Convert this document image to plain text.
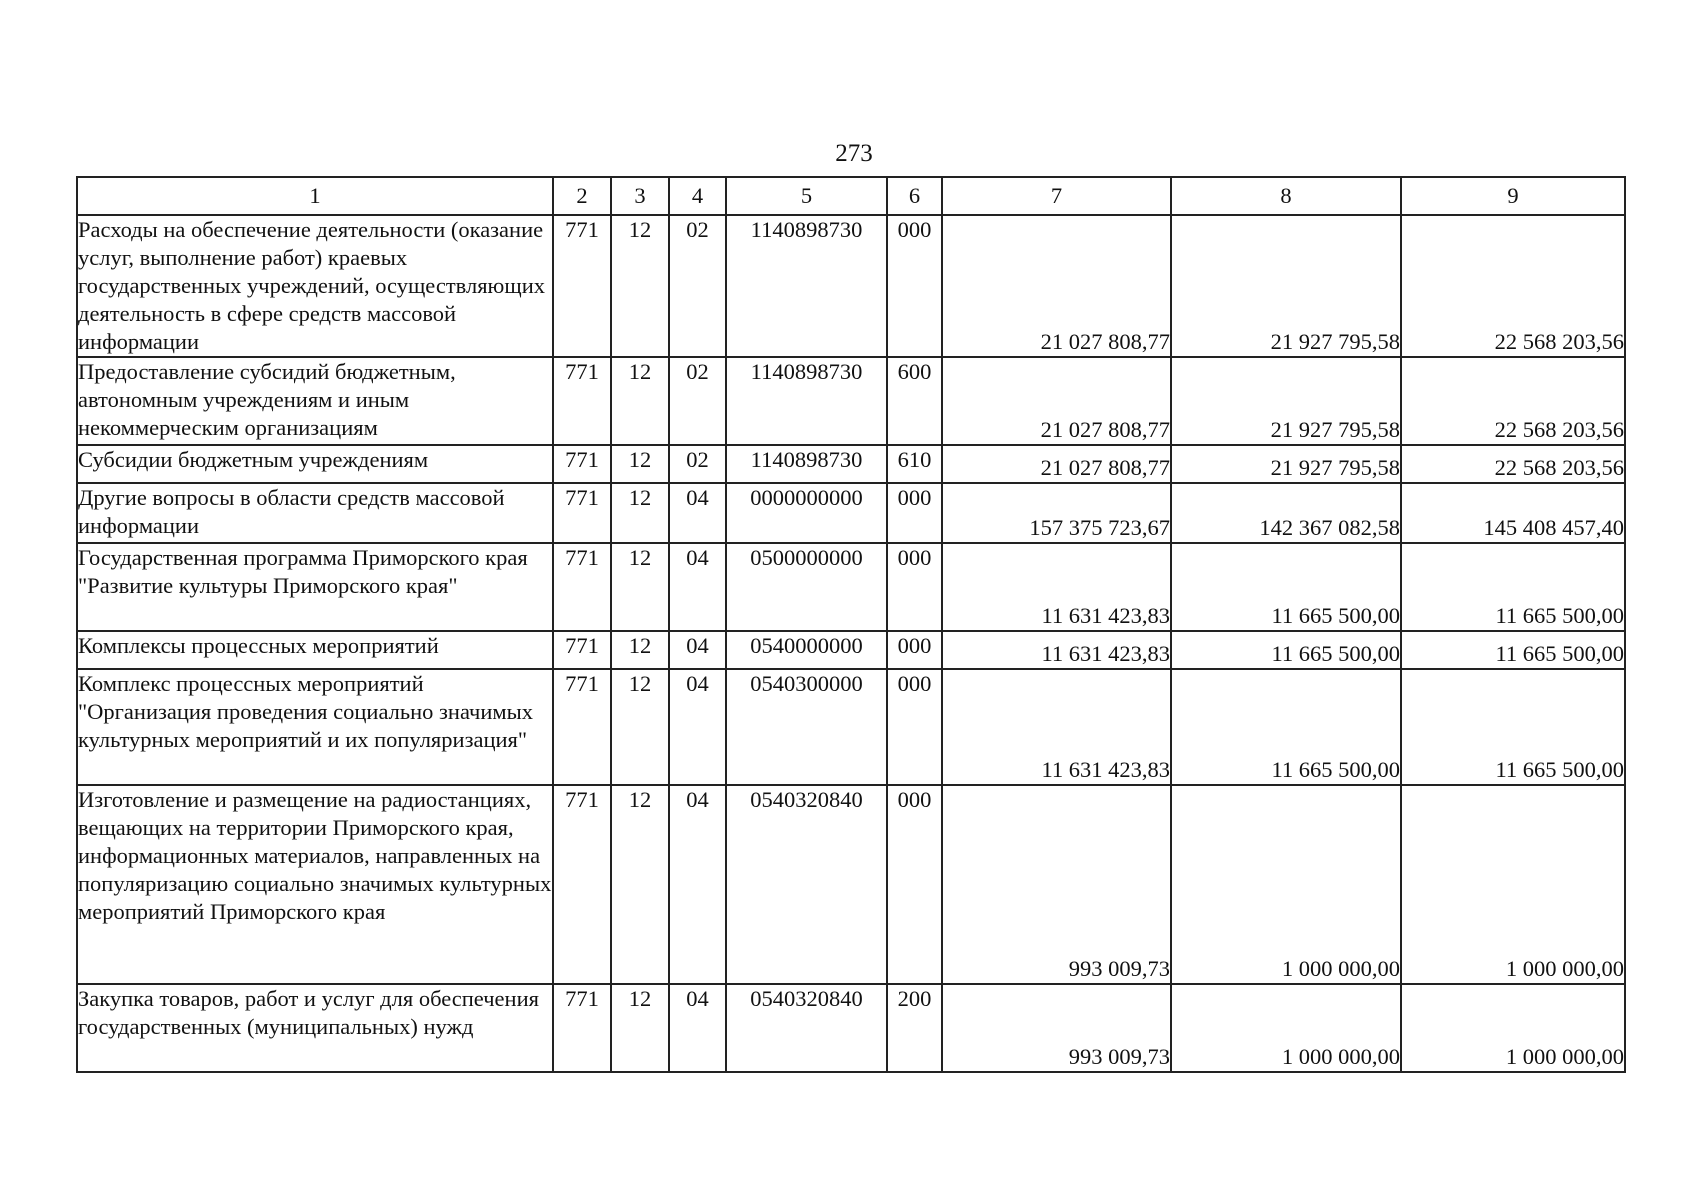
273
1	2	3	4	5	6	7	8	9
Расходы на обеспечение деятельности (оказание услуг, выполнение работ) краевых государственных учреждений, осуществляющих деятельность в сфере средств массовой информации	771	12	02	1140898730	000	21 027 808,77	21 927 795,58	22 568 203,56
Предоставление субсидий бюджетным, автономным учреждениям и иным некоммерческим организациям	771	12	02	1140898730	600	21 027 808,77	21 927 795,58	22 568 203,56
Субсидии бюджетным учреждениям	771	12	02	1140898730	610	21 027 808,77	21 927 795,58	22 568 203,56
Другие вопросы в области средств массовой информации	771	12	04	0000000000	000	157 375 723,67	142 367 082,58	145 408 457,40
Государственная программа Приморского края "Развитие культуры Приморского края"	771	12	04	0500000000	000	11 631 423,83	11 665 500,00	11 665 500,00
Комплексы процессных мероприятий	771	12	04	0540000000	000	11 631 423,83	11 665 500,00	11 665 500,00
Комплекс процессных мероприятий "Организация проведения социально значимых культурных мероприятий и их популяризация"	771	12	04	0540300000	000	11 631 423,83	11 665 500,00	11 665 500,00
Изготовление и размещение на радиостанциях, вещающих на территории Приморского края, информационных материалов, направленных на популяризацию социально значимых культурных мероприятий Приморского края	771	12	04	0540320840	000	993 009,73	1 000 000,00	1 000 000,00
Закупка товаров, работ и услуг для обеспечения государственных (муниципальных) нужд	771	12	04	0540320840	200	993 009,73	1 000 000,00	1 000 000,00
